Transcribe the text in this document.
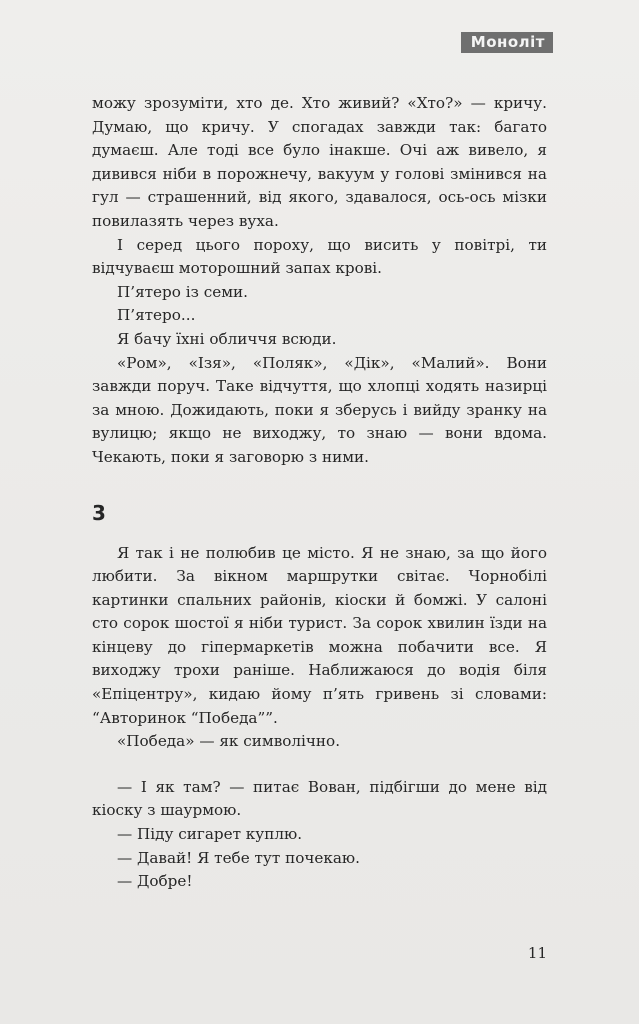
Моноліт

можу зрозуміти, хто де. Хто живий? «Хто?» — кричу. Думаю, що кричу. У спогадах завжди так: багато думаєш. Але тоді все було інакше. Очі аж вивело, я дивився ніби в порожнечу, вакуум у голові змінився на гул — страшенний, від якого, здавалося, ось-ось мізки повилазять через вуха.

І серед цього пороху, що висить у повітрі, ти відчуваєш моторошний запах крові.

П’ятеро із семи.

П’ятеро...

Я бачу їхні обличчя всюди.

«Ром», «Ізя», «Поляк», «Дік», «Малий». Вони завжди поруч. Таке відчуття, що хлопці ходять назирці за мною. Дожидають, поки я зберусь і вийду зранку на вулицю; якщо не виходжу, то знаю — вони вдома. Чекають, поки я заговорю з ними.

3

Я так і не полюбив це місто. Я не знаю, за що його любити. За вікном маршрутки світає. Чорнобілі картинки спальних районів, кіоски й бомжі. У салоні сто сорок шостої я ніби турист. За сорок хвилин їзди на кінцеву до гіпермаркетів можна побачити все. Я виходжу трохи раніше. Наближаюся до водія біля «Епіцентру», кидаю йому п’ять гривень зі словами: “Авторинок “Победа””.

«Победа» — як символічно.

— І як там? — питає Вован, підбігши до мене від кіоску з шаурмою.

— Піду сигарет куплю.

— Давай! Я тебе тут почекаю.

— Добре!

11
